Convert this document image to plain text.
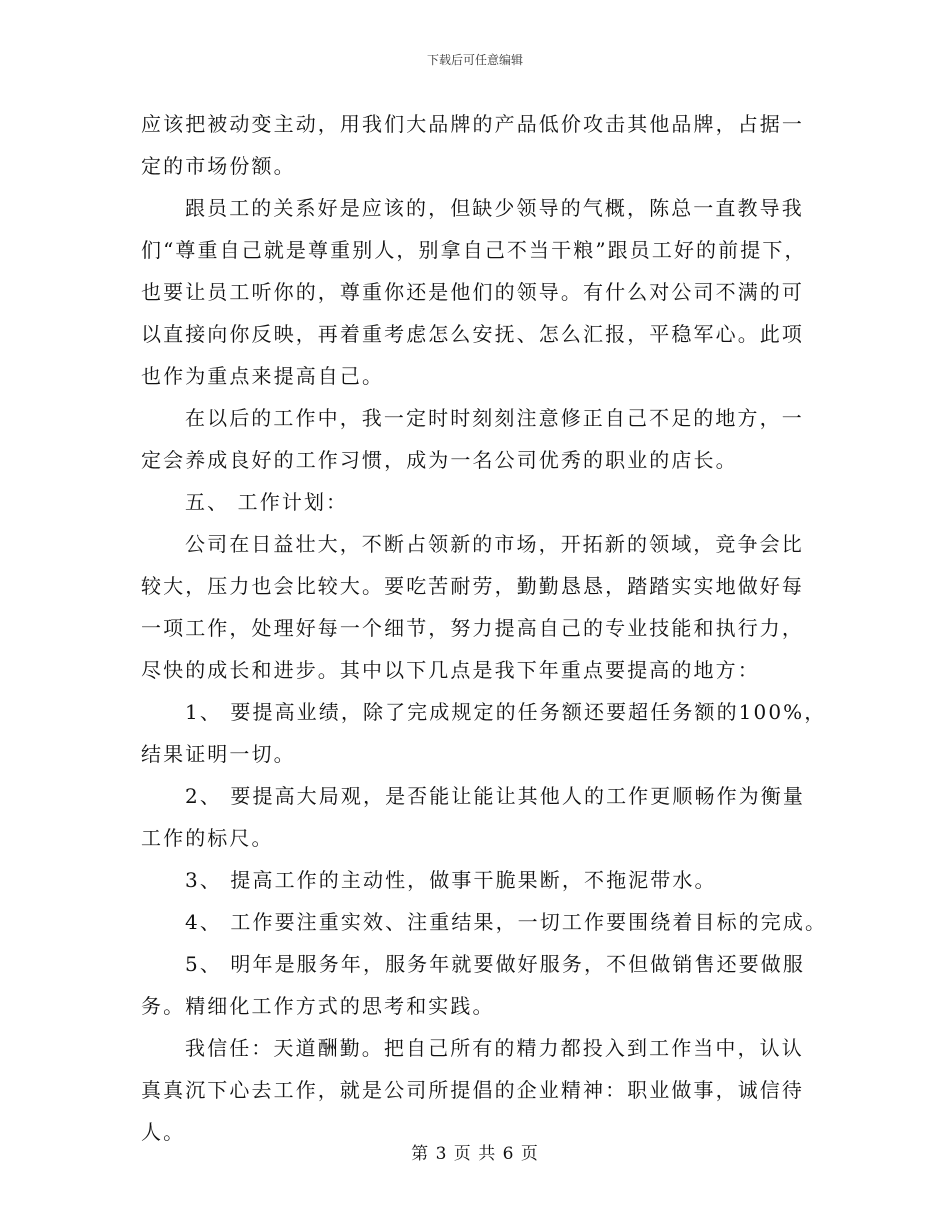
下载后可任意编辑
应该把被动变主动，用我们大品牌的产品低价攻击其他品牌，占据一
定的市场份额。
跟员工的关系好是应该的，但缺少领导的气概，陈总一直教导我
们“尊重自己就是尊重别人，别拿自己不当干粮”跟员工好的前提下，
也要让员工听你的，尊重你还是他们的领导。有什么对公司不满的可
以直接向你反映，再着重考虑怎么安抚、怎么汇报，平稳军心。此项
也作为重点来提高自己。
在以后的工作中，我一定时时刻刻注意修正自己不足的地方，一
定会养成良好的工作习惯，成为一名公司优秀的职业的店长。
五、 工作计划：
公司在日益壮大，不断占领新的市场，开拓新的领域，竞争会比
较大，压力也会比较大。要吃苦耐劳，勤勤恳恳，踏踏实实地做好每
一项工作，处理好每一个细节，努力提高自己的专业技能和执行力，
尽快的成长和进步。其中以下几点是我下年重点要提高的地方：
1、 要提高业绩，除了完成规定的任务额还要超任务额的100%，
结果证明一切。
2、 要提高大局观，是否能让能让其他人的工作更顺畅作为衡量
工作的标尺。
3、 提高工作的主动性，做事干脆果断，不拖泥带水。
4、 工作要注重实效、注重结果，一切工作要围绕着目标的完成。
5、 明年是服务年，服务年就要做好服务，不但做销售还要做服
务。精细化工作方式的思考和实践。
我信任：天道酬勤。把自己所有的精力都投入到工作当中，认认
真真沉下心去工作，就是公司所提倡的企业精神：职业做事，诚信待
人。
第 3 页 共 6 页
